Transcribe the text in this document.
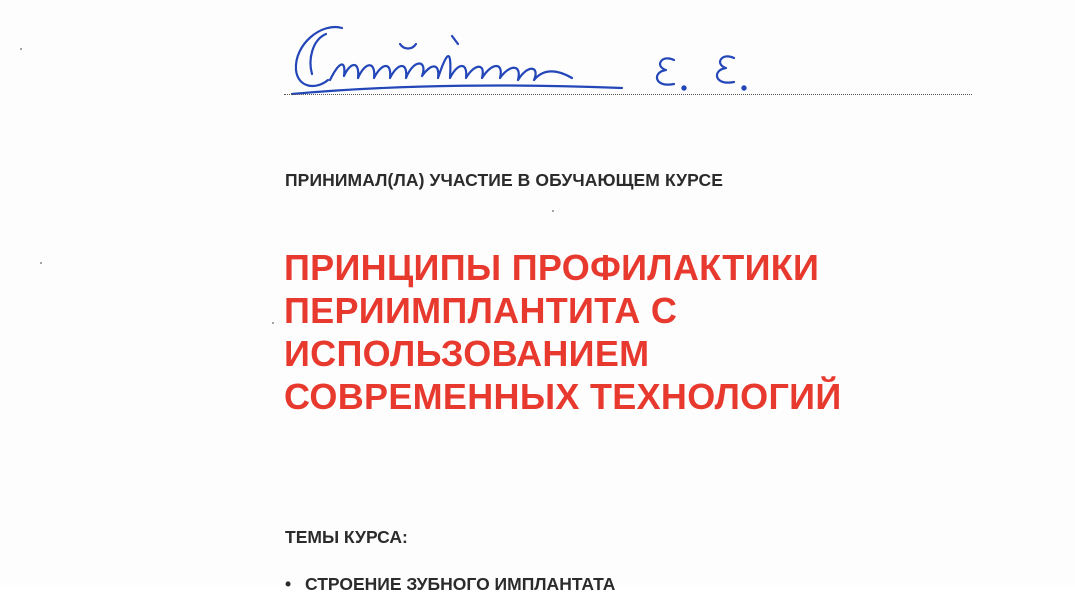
ПРИНИМАЛ(ЛА) УЧАСТИЕ В ОБУЧАЮЩЕМ КУРСЕ
ПРИНЦИПЫ ПРОФИЛАКТИКИ
ПЕРИИМПЛАНТИТА С
ИСПОЛЬЗОВАНИЕМ
СОВРЕМЕННЫХ ТЕХНОЛОГИЙ
ТЕМЫ КУРСА:
• СТРОЕНИЕ ЗУБНОГО ИМПЛАНТАТА
